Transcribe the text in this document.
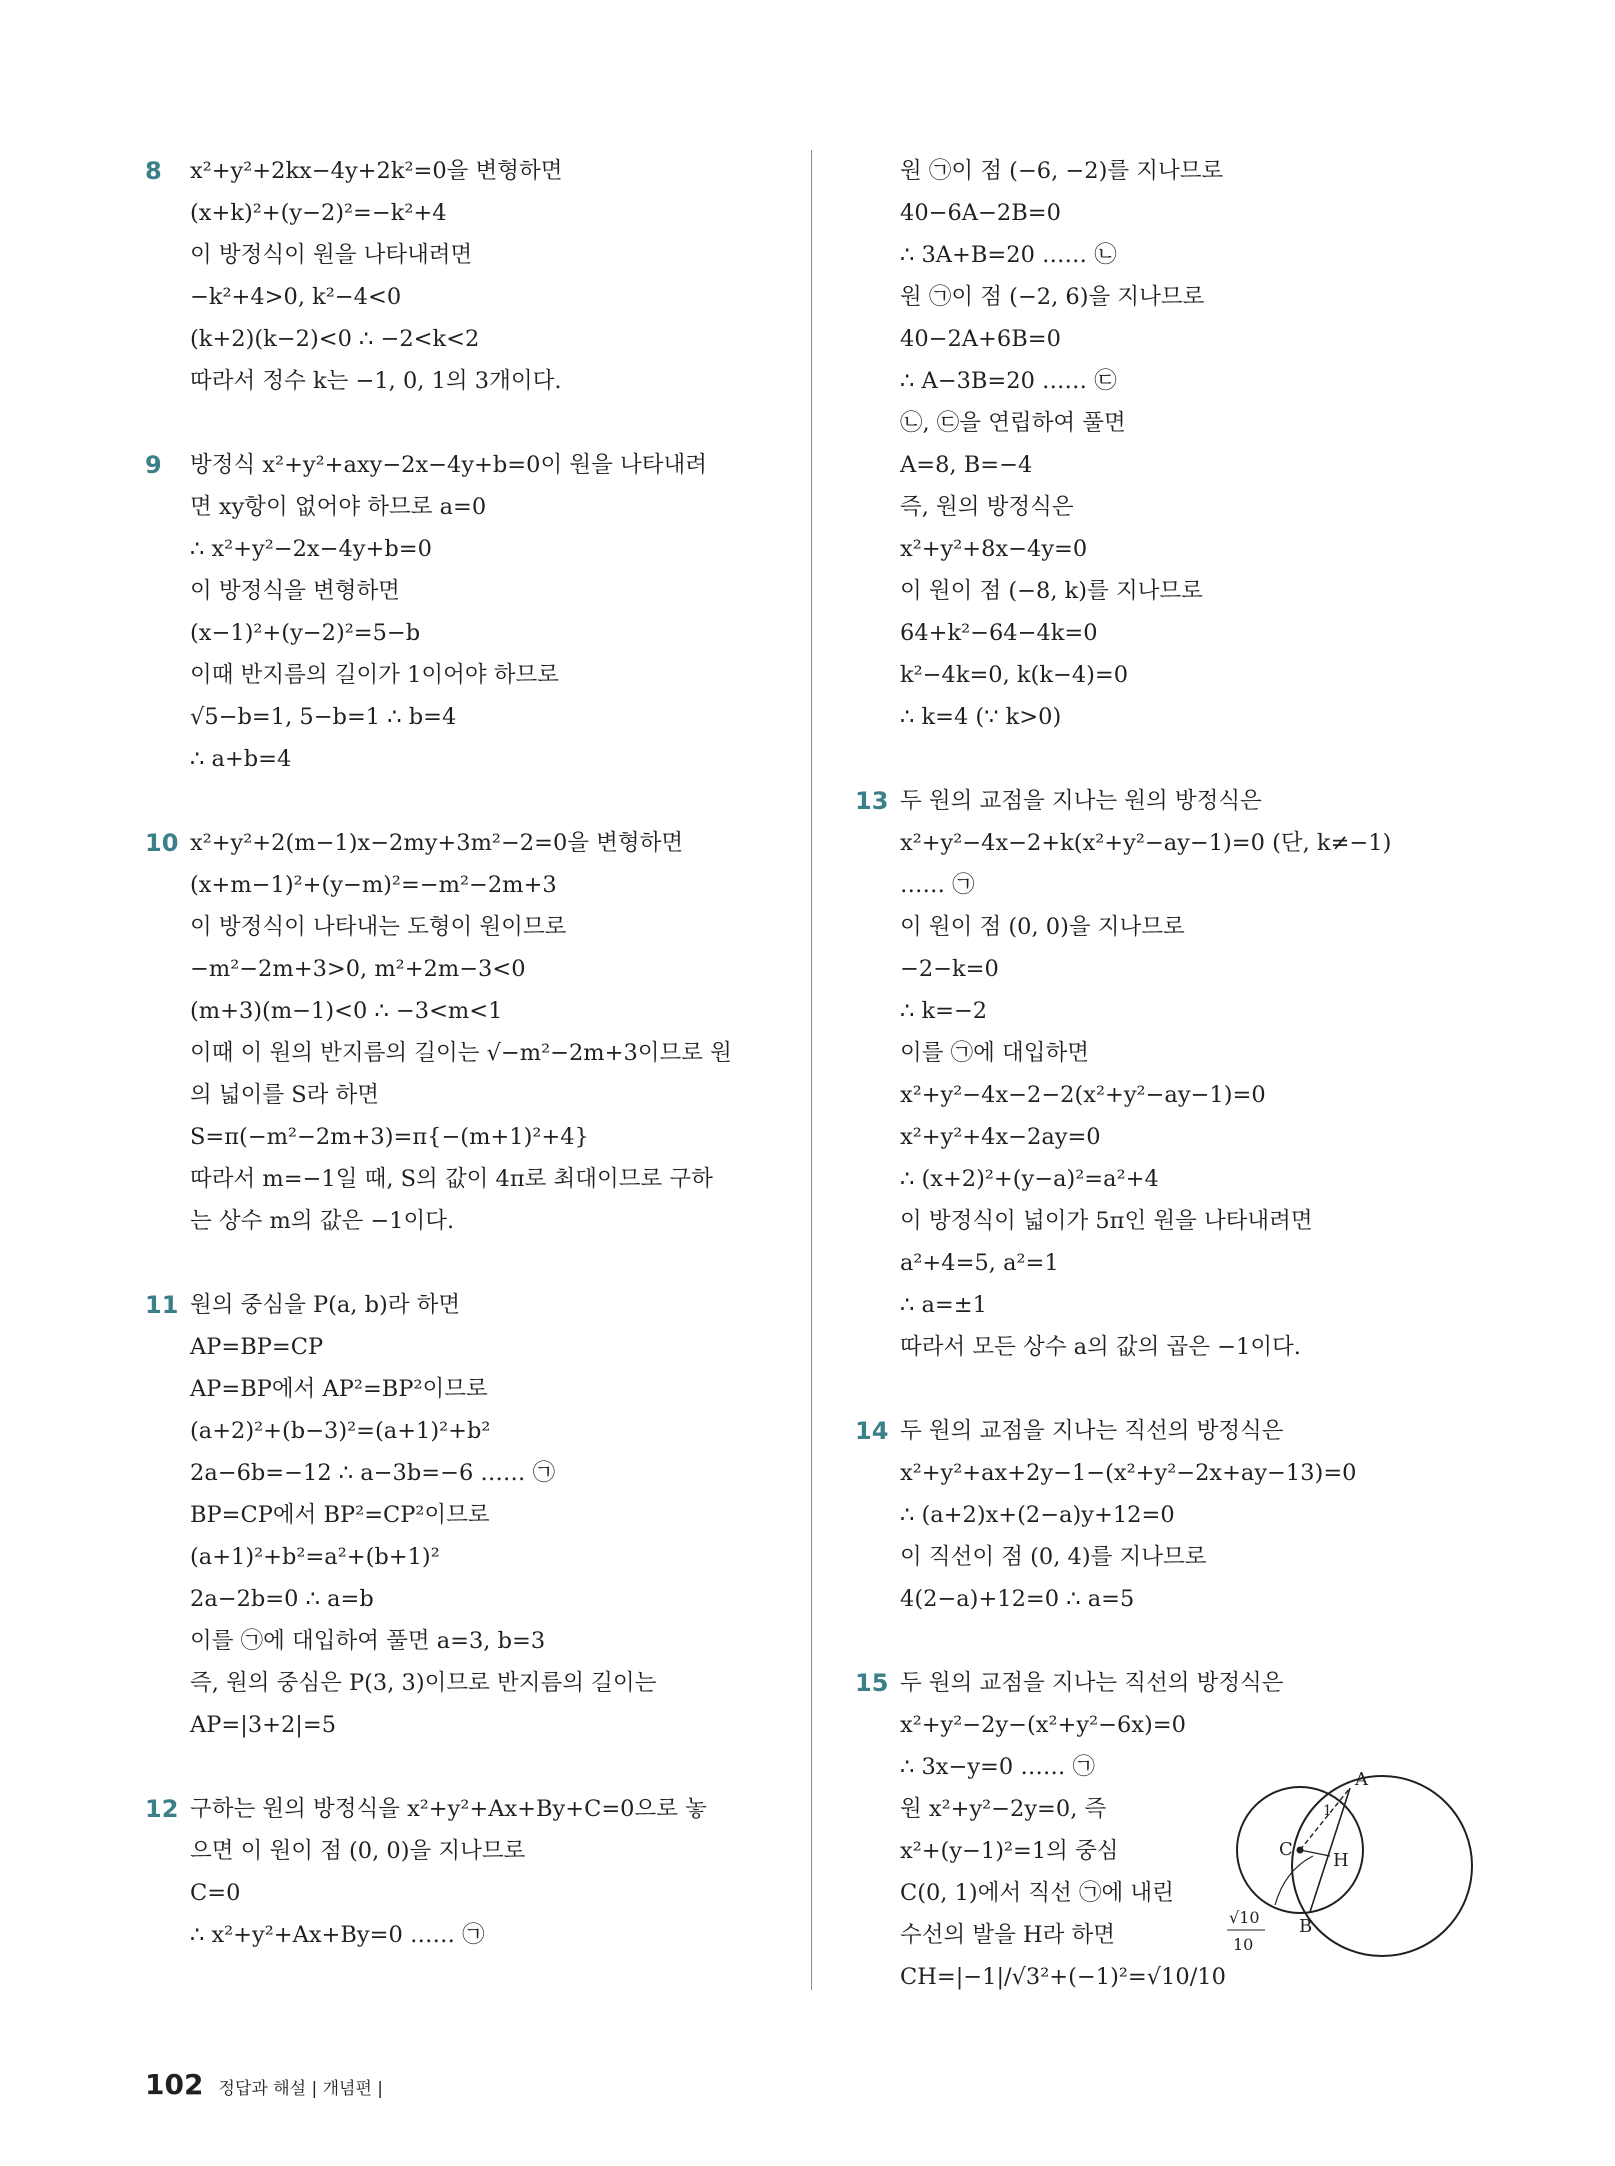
8	x²+y²+2kx−4y+2k²=0을 변형하면
(x+k)²+(y−2)²=−k²+4
이 방정식이 원을 나타내려면
−k²+4>0, k²−4<0
(k+2)(k−2)<0 ∴ −2<k<2
따라서 정수 k는 −1, 0, 1의 3개이다.
9	방정식 x²+y²+axy−2x−4y+b=0이 원을 나타내려
면 xy항이 없어야 하므로 a=0
∴ x²+y²−2x−4y+b=0
이 방정식을 변형하면
(x−1)²+(y−2)²=5−b
이때 반지름의 길이가 1이어야 하므로
√5−b=1, 5−b=1 ∴ b=4
∴ a+b=4
10 x²+y²+2(m−1)x−2my+3m²−2=0을 변형하면
(x+m−1)²+(y−m)²=−m²−2m+3
이 방정식이 나타내는 도형이 원이므로
−m²−2m+3>0, m²+2m−3<0
(m+3)(m−1)<0 ∴ −3<m<1
이때 이 원의 반지름의 길이는 √−m²−2m+3이므로 원
의 넓이를 S라 하면
S=π(−m²−2m+3)=π{−(m+1)²+4}
따라서 m=−1일 때, S의 값이 4π로 최대이므로 구하
는 상수 m의 값은 −1이다.
11 원의 중심을 P(a, b)라 하면
AP=BP=CP
AP=BP에서 AP²=BP²이므로
(a+2)²+(b−3)²=(a+1)²+b²
2a−6b=−12 ∴ a−3b=−6 …… ㉠
BP=CP에서 BP²=CP²이므로
(a+1)²+b²=a²+(b+1)²
2a−2b=0 ∴ a=b
이를 ㉠에 대입하여 풀면 a=3, b=3
즉, 원의 중심은 P(3, 3)이므로 반지름의 길이는
AP=|3+2|=5
12 구하는 원의 방정식을 x²+y²+Ax+By+C=0으로 놓
으면 이 원이 점 (0, 0)을 지나므로
C=0
∴ x²+y²+Ax+By=0 …… ㉠
원 ㉠이 점 (−6, −2)를 지나므로
40−6A−2B=0
∴ 3A+B=20 …… ㉡
원 ㉠이 점 (−2, 6)을 지나므로
40−2A+6B=0
∴ A−3B=20 …… ㉢
㉡, ㉢을 연립하여 풀면
A=8, B=−4
즉, 원의 방정식은
x²+y²+8x−4y=0
이 원이 점 (−8, k)를 지나므로
64+k²−64−4k=0
k²−4k=0, k(k−4)=0
∴ k=4 (∵ k>0)
13 두 원의 교점을 지나는 원의 방정식은
x²+y²−4x−2+k(x²+y²−ay−1)=0 (단, k≠−1)
…… ㉠
이 원이 점 (0, 0)을 지나므로
−2−k=0
∴ k=−2
이를 ㉠에 대입하면
x²+y²−4x−2−2(x²+y²−ay−1)=0
x²+y²+4x−2ay=0
∴ (x+2)²+(y−a)²=a²+4
이 방정식이 넓이가 5π인 원을 나타내려면
a²+4=5, a²=1
∴ a=±1
따라서 모든 상수 a의 값의 곱은 −1이다.
14 두 원의 교점을 지나는 직선의 방정식은
x²+y²+ax+2y−1−(x²+y²−2x+ay−13)=0
∴ (a+2)x+(2−a)y+12=0
이 직선이 점 (0, 4)를 지나므로
4(2−a)+12=0 ∴ a=5
15 두 원의 교점을 지나는 직선의 방정식은
x²+y²−2y−(x²+y²−6x)=0
∴ 3x−y=0 …… ㉠
원 x²+y²−2y=0, 즉
x²+(y−1)²=1의 중심
C(0, 1)에서 직선 ㉠에 내린
수선의 발을 H라 하면
CH=|−1|/√3²+(−1)²=√10/10
A
B
C
H
1
√10
10
102 정답과 해설 | 개념편 |
